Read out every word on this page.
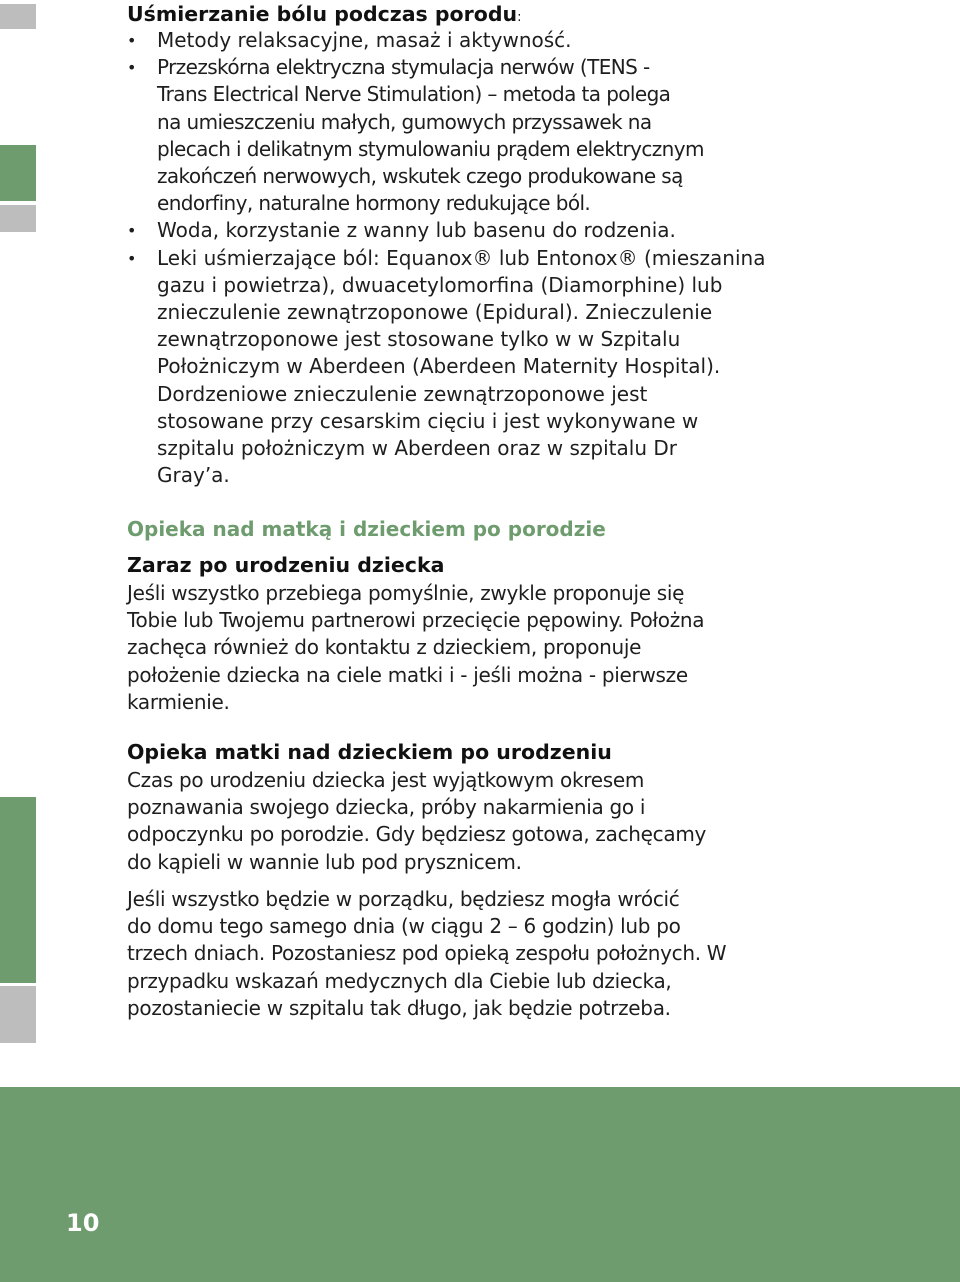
Uśmierzanie bólu podczas porodu:
• Metody relaksacyjne, masaż i aktywność.
• Przezskórna elektryczna stymulacja nerwów (TENS -
Trans Electrical Nerve Stimulation) – metoda ta polega
na umieszczeniu małych, gumowych przyssawek na
plecach i delikatnym stymulowaniu prądem elektrycznym
zakończeń nerwowych, wskutek czego produkowane są
endorfiny, naturalne hormony redukujące ból.
• Woda, korzystanie z wanny lub basenu do rodzenia.
• Leki uśmierzające ból: Equanox® lub Entonox® (mieszanina
gazu i powietrza), dwuacetylomorfina (Diamorphine) lub
znieczulenie zewnątrzoponowe (Epidural). Znieczulenie
zewnątrzoponowe jest stosowane tylko w w Szpitalu
Położniczym w Aberdeen (Aberdeen Maternity Hospital).
Dordzeniowe znieczulenie zewnątrzoponowe jest
stosowane przy cesarskim cięciu i jest wykonywane w
szpitalu położniczym w Aberdeen oraz w szpitalu Dr
Gray’a.
Opieka nad matką i dzieckiem po porodzie
Zaraz po urodzeniu dziecka

Jeśli wszystko przebiega pomyślnie, zwykle proponuje się
Tobie lub Twojemu partnerowi przecięcie pępowiny. Położna
zachęca również do kontaktu z dzieckiem, proponuje
położenie dziecka na ciele matki i - jeśli można - pierwsze
karmienie.

Opieka matki nad dzieckiem po urodzeniu

Czas po urodzeniu dziecka jest wyjątkowym okresem
poznawania swojego dziecka, próby nakarmienia go i
odpoczynku po porodzie. Gdy będziesz gotowa, zachęcamy
do kąpieli w wannie lub pod prysznicem.

Jeśli wszystko będzie w porządku, będziesz mogła wrócić
do domu tego samego dnia (w ciągu 2 – 6 godzin) lub po
trzech dniach. Pozostaniesz pod opieką zespołu położnych. W
przypadku wskazań medycznych dla Ciebie lub dziecka,
pozostaniecie w szpitalu tak długo, jak będzie potrzeba.

10
